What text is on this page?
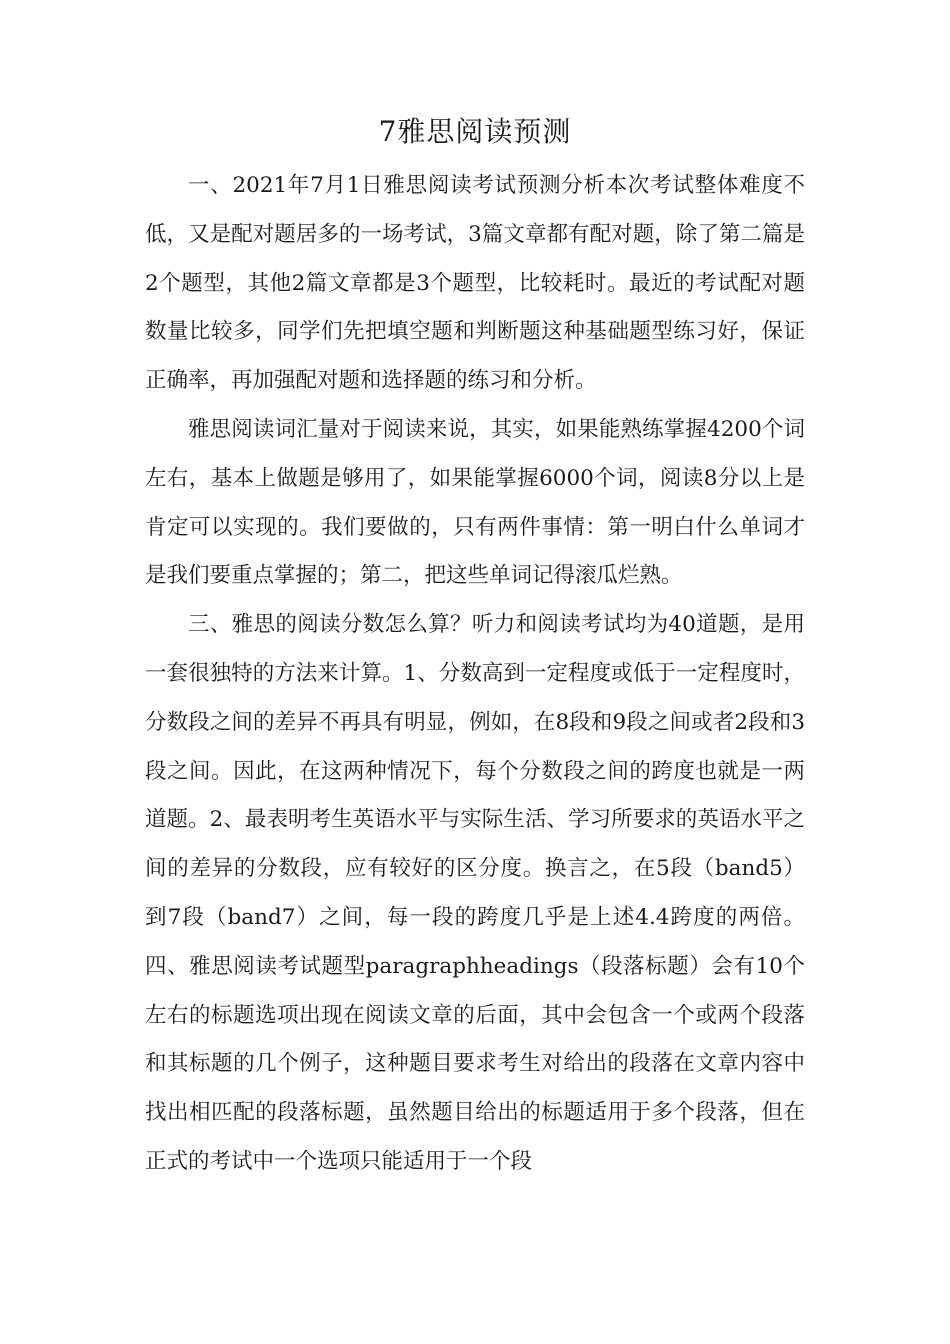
7雅思阅读预测

一、2021年7月1日雅思阅读考试预测分析本次考试整体难度不低，又是配对题居多的一场考试，3篇文章都有配对题，除了第二篇是2个题型，其他2篇文章都是3个题型，比较耗时。最近的考试配对题数量比较多，同学们先把填空题和判断题这种基础题型练习好，保证正确率，再加强配对题和选择题的练习和分析。

雅思阅读词汇量对于阅读来说，其实，如果能熟练掌握4200个词左右，基本上做题是够用了，如果能掌握6000个词，阅读8分以上是肯定可以实现的。我们要做的，只有两件事情：第一明白什么单词才是我们要重点掌握的；第二，把这些单词记得滚瓜烂熟。

三、雅思的阅读分数怎么算？听力和阅读考试均为40道题，是用一套很独特的方法来计算。1、分数高到一定程度或低于一定程度时，分数段之间的差异不再具有明显，例如，在8段和9段之间或者2段和3段之间。因此，在这两种情况下，每个分数段之间的跨度也就是一两道题。2、最表明考生英语水平与实际生活、学习所要求的英语水平之间的差异的分数段，应有较好的区分度。换言之，在5段（band5）到7段（band7）之间，每一段的跨度几乎是上述4.4跨度的两倍。四、雅思阅读考试题型paragraphheadings（段落标题）会有10个左右的标题选项出现在阅读文章的后面，其中会包含一个或两个段落和其标题的几个例子，这种题目要求考生对给出的段落在文章内容中找出相匹配的段落标题，虽然题目给出的标题适用于多个段落，但在正式的考试中一个选项只能适用于一个段
